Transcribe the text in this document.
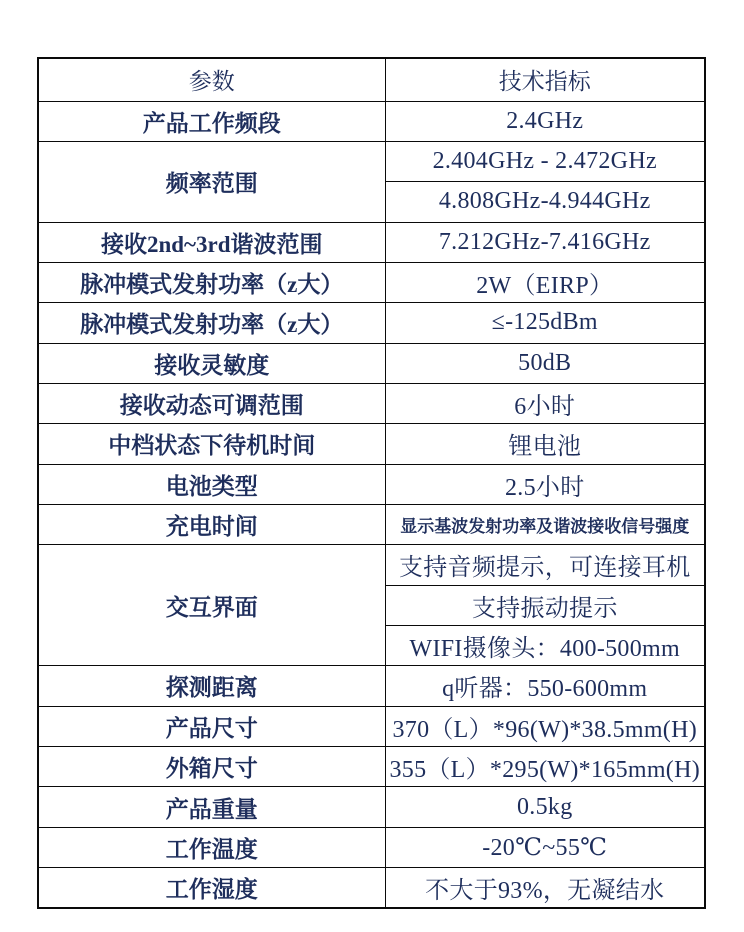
参数	技术指标
产品工作频段	2.4GHz
频率范围	2.404GHz - 2.472GHz
	4.808GHz-4.944GHz
接收2nd~3rd谐波范围	7.212GHz-7.416GHz
脉冲模式发射功率（z大）	2W（EIRP）
脉冲模式发射功率（z大）	≤-125dBm
接收灵敏度	50dB
接收动态可调范围	6小时
中档状态下待机时间	锂电池
电池类型	2.5小时
充电时间	显示基波发射功率及谐波接收信号强度
交互界面	支持音频提示，可连接耳机
	支持振动提示
	WIFI摄像头：400-500mm
探测距离	q听器：550-600mm
产品尺寸	370（L）*96(W)*38.5mm(H)
外箱尺寸	355（L）*295(W)*165mm(H)
产品重量	0.5kg
工作温度	-20℃~55℃
工作湿度	不大于93%，无凝结水
